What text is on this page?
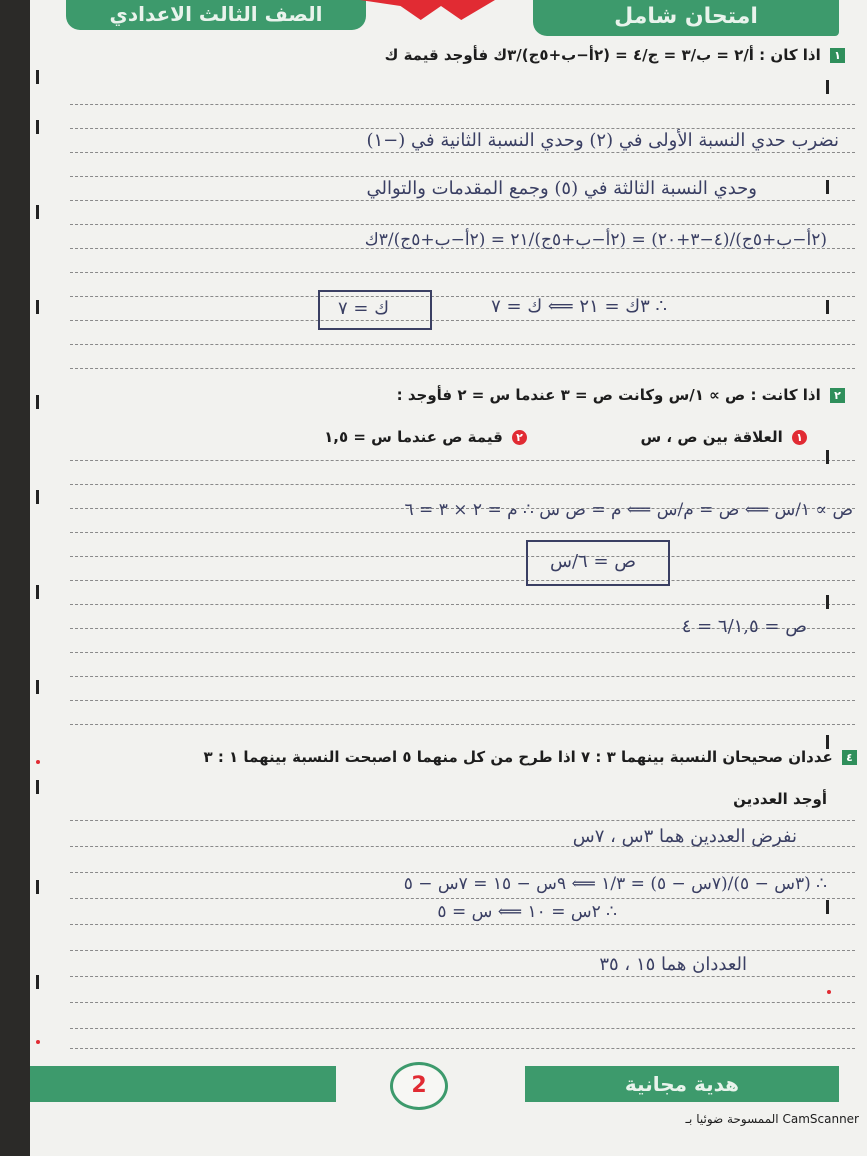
الصف الثالث الاعدادي	امتحان شامل
١ اذا كان : أ/٢ = ب/٣ = ج/٤ = (٢أ−ب+٥ج)/٣ك فأوجد قيمة ك
نضرب حدي النسبة الأولى في (٢) وحدي النسبة الثانية في (−١)
وحدي النسبة الثالثة في (٥) وجمع المقدمات والتوالي
(٢أ−ب+٥ج)/(٤−٣+٢٠) = (٢أ−ب+٥ج)/٢١ = (٢أ−ب+٥ج)/٣ك
∴ ٣ك = ٢١ ⟸ ك = ٧
ك = ٧
٢ اذا كانت : ص ∝ ١/س وكانت ص = ٣ عندما س = ٢ فأوجد :
١ العلاقة بين ص ، س
٢ قيمة ص عندما س = ١,٥
ص ∝ ١/س ⟸ ص = م/س ⟸ م = ص س ∴ م = ٢ × ٣ = ٦
ص = ٦/س
ص = ٦/١,٥ = ٤
٤ عددان صحيحان النسبة بينهما ٣ : ٧ اذا طرح من كل منهما ٥ اصبحت النسبة بينهما ١ : ٣
أوجد العددين
نفرض العددين هما ٣س ، ٧س
∴ (٣س − ٥)/(٧س − ٥) = ١/٣ ⟸ ٩س − ١٥ = ٧س − ٥
∴ ٢س = ١٠ ⟸ س = ٥
العددان هما ١٥ ، ٣٥
2	هدية مجانية
الممسوحة ضوئيا بـ CamScanner
